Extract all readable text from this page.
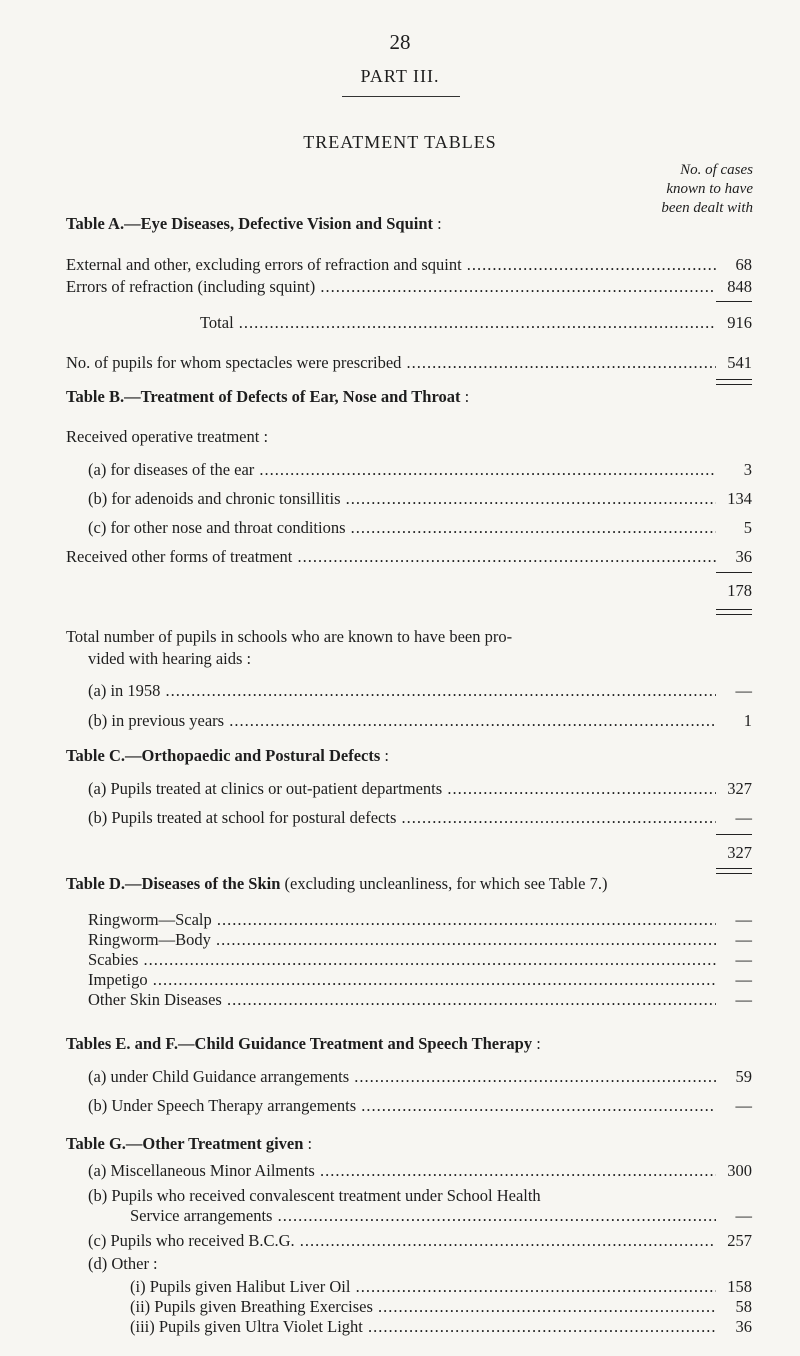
28
PART III.
TREATMENT TABLES
No. of cases
known to have
been dealt with
Table A.—Eye Diseases, Defective Vision and Squint :
External and other, excluding errors of refraction and squint .....	68
Errors of refraction (including squint) .....	848
Total .....	916
No. of pupils for whom spectacles were prescribed .....	541
Table B.—Treatment of Defects of Ear, Nose and Throat :
Received operative treatment :
(a) for diseases of the ear .....	3
(b) for adenoids and chronic tonsillitis .....	134
(c) for other nose and throat conditions .....	5
Received other forms of treatment .....	36
178
Total number of pupils in schools who are known to have been pro-
vided with hearing aids :
(a) in 1958 .....	—
(b) in previous years .....	1
Table C.—Orthopaedic and Postural Defects :
(a) Pupils treated at clinics or out-patient departments .....	327
(b) Pupils treated at school for postural defects .....	—
327
Table D.—Diseases of the Skin (excluding uncleanliness, for which see Table 7.)
Ringworm—Scalp .....	—
Ringworm—Body .....	—
Scabies .....	—
Impetigo .....	—
Other Skin Diseases .....	—
Tables E. and F.—Child Guidance Treatment and Speech Therapy :
(a) under Child Guidance arrangements .....	59
(b) Under Speech Therapy arrangements .....	—
Table G.—Other Treatment given :
(a) Miscellaneous Minor Ailments .....	300
(b) Pupils who received convalescent treatment under School Health
Service arrangements .....	—
(c) Pupils who received B.C.G. .....	257
(d) Other :
(i) Pupils given Halibut Liver Oil .....	158
(ii) Pupils given Breathing Exercises .....	58
(iii) Pupils given Ultra Violet Light .....	36
